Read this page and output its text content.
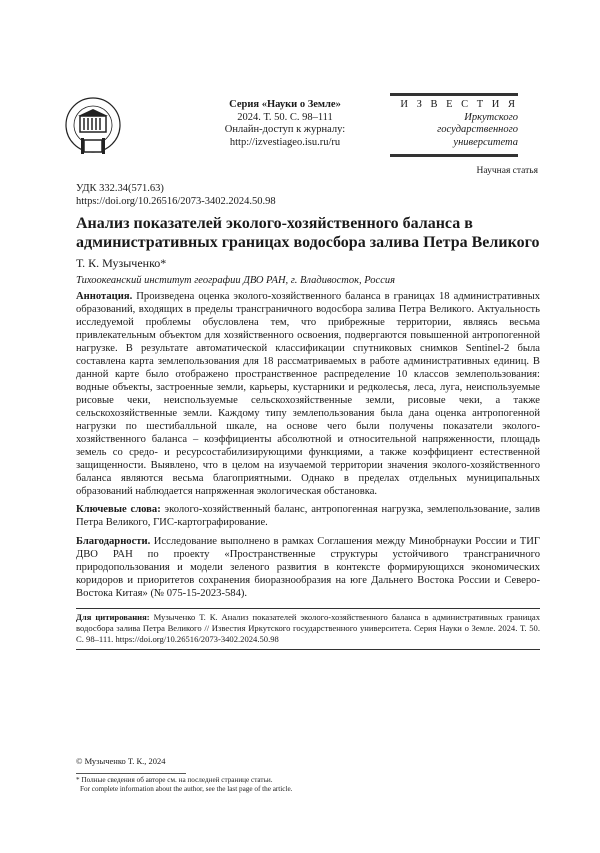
Серия «Науки о Земле»
2024. Т. 50. С. 98–111
Онлайн-доступ к журналу:
http://izvestiageo.isu.ru/ru
И З В Е С Т И Я
Иркутского
государственного
университета
Научная статья
УДК 332.34(571.63)
https://doi.org/10.26516/2073-3402.2024.50.98
Анализ показателей эколого-хозяйственного баланса в административных границах водосбора залива Петра Великого
Т. К. Музыченко*
Тихоокеанский институт географии ДВО РАН, г. Владивосток, Россия
Аннотация. Произведена оценка эколого-хозяйственного баланса в границах 18 административных образований, входящих в пределы трансграничного водосбора залива Петра Великого. Актуальность исследуемой проблемы обусловлена тем, что прибрежные территории, являясь весьма привлекательным объектом для хозяйственного освоения, подвергаются повышенной антропогенной нагрузке. В результате автоматической классификации спутниковых снимков Sentinel-2 была составлена карта землепользования для 18 рассматриваемых в работе административных единиц. В данной карте было отображено пространственное распределение 10 классов землепользования: водные объекты, застроенные земли, карьеры, кустарники и редколесья, леса, луга, неиспользуемые рисовые чеки, неиспользуемые сельскохозяйственные земли, рисовые чеки, а также сельскохозяйственные земли. Каждому типу землепользования была дана оценка антропогенной нагрузки по шестибалльной шкале, на основе чего были получены показатели эколого-хозяйственного баланса – коэффициенты абсолютной и относительной напряженности, площадь земель со средо- и ресурсостабилизирующими функциями, а также коэффициент естественной защищенности. Выявлено, что в целом на изучаемой территории значения эколого-хозяйственного баланса являются весьма благоприятными. Однако в пределах отдельных муниципальных образований наблюдается напряженная экологическая обстановка.
Ключевые слова: эколого-хозяйственный баланс, антропогенная нагрузка, землепользование, залив Петра Великого, ГИС-картографирование.
Благодарности. Исследование выполнено в рамках Соглашения между Минобрнауки России и ТИГ ДВО РАН по проекту «Пространственные структуры устойчивого трансграничного природопользования и модели зеленого развития в контексте формирующихся экономических коридоров и приоритетов сохранения биоразнообразия на юге Дальнего Востока России и Северо-Востока Китая» (№ 075-15-2023-584).
Для цитирования: Музыченко Т. К. Анализ показателей эколого-хозяйственного баланса в административных границах водосбора залива Петра Великого // Известия Иркутского государственного университета. Серия Науки о Земле. 2024. Т. 50. С. 98–111. https://doi.org/10.26516/2073-3402.2024.50.98
© Музыченко Т. К., 2024
* Полные сведения об авторе см. на последней странице статьи.
For complete information about the author, see the last page of the article.
